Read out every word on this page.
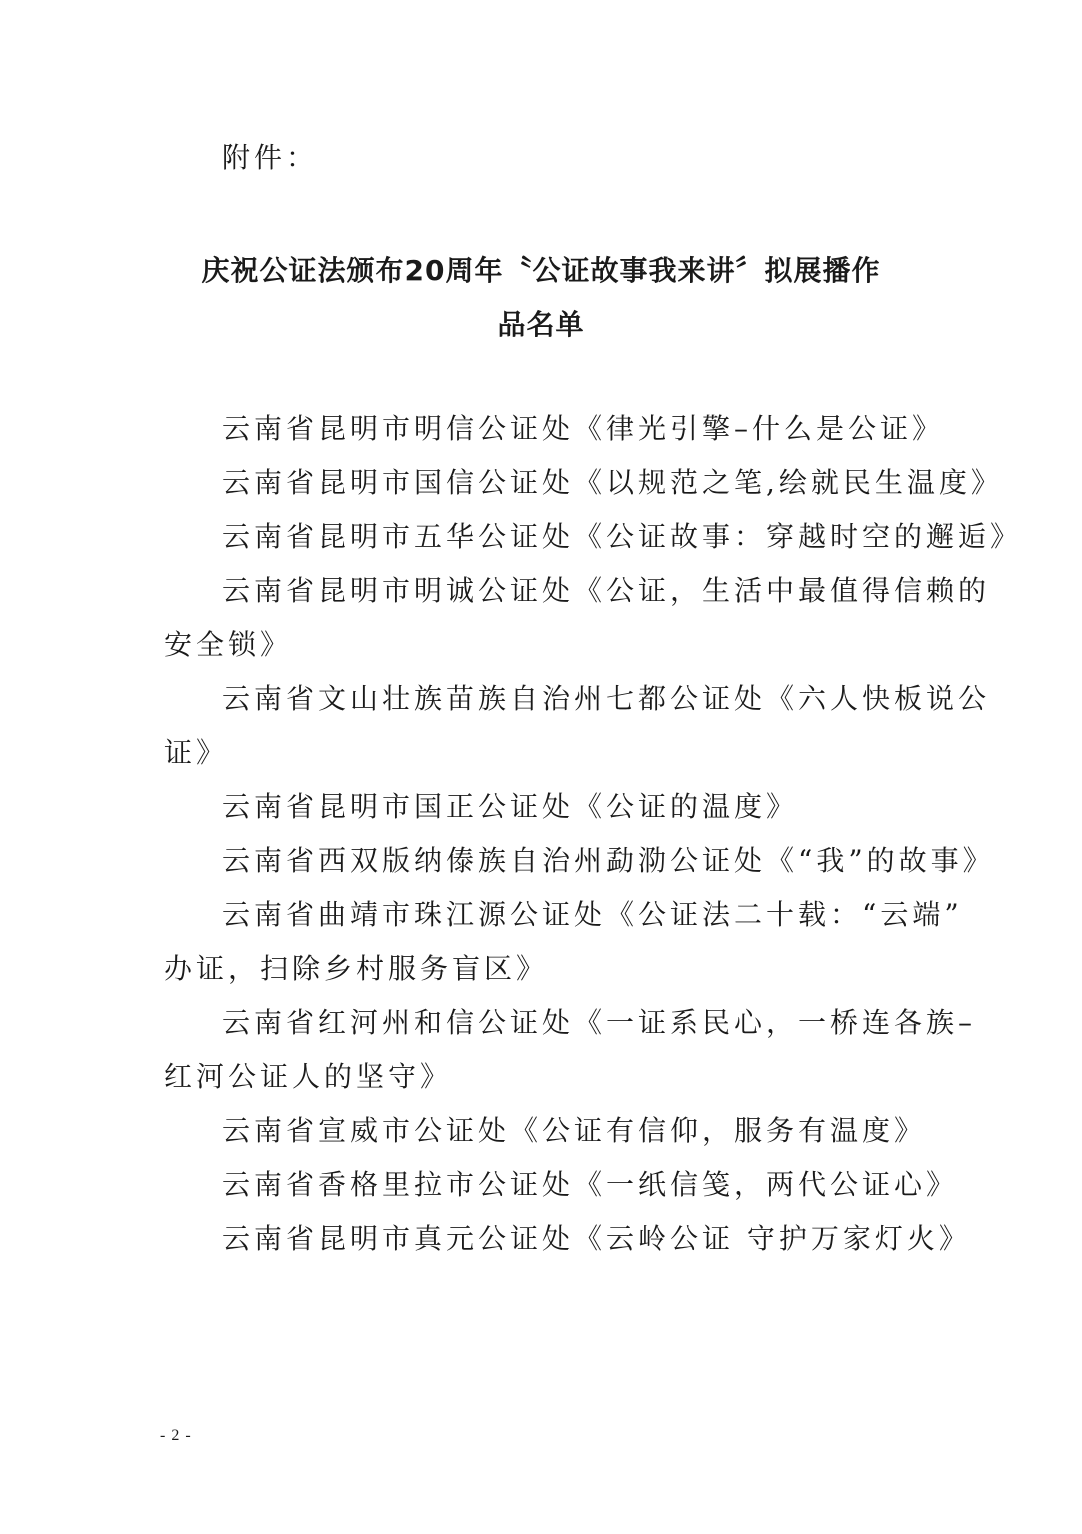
附件：
庆祝公证法颁布20周年〝公证故事我来讲〞拟展播作
品名单
云南省昆明市明信公证处《律光引擎–什么是公证》
云南省昆明市国信公证处《以规范之笔,绘就民生温度》
云南省昆明市五华公证处《公证故事：穿越时空的邂逅》
云南省昆明市明诚公证处《公证，生活中最值得信赖的
安全锁》
云南省文山壮族苗族自治州七都公证处《六人快板说公
证》
云南省昆明市国正公证处《公证的温度》
云南省西双版纳傣族自治州勐泐公证处《“我”的故事》
云南省曲靖市珠江源公证处《公证法二十载：“云端”
办证，扫除乡村服务盲区》
云南省红河州和信公证处《一证系民心，一桥连各族–
红河公证人的坚守》
云南省宣威市公证处《公证有信仰，服务有温度》
云南省香格里拉市公证处《一纸信笺，两代公证心》
云南省昆明市真元公证处《云岭公证 守护万家灯火》
- 2 -
